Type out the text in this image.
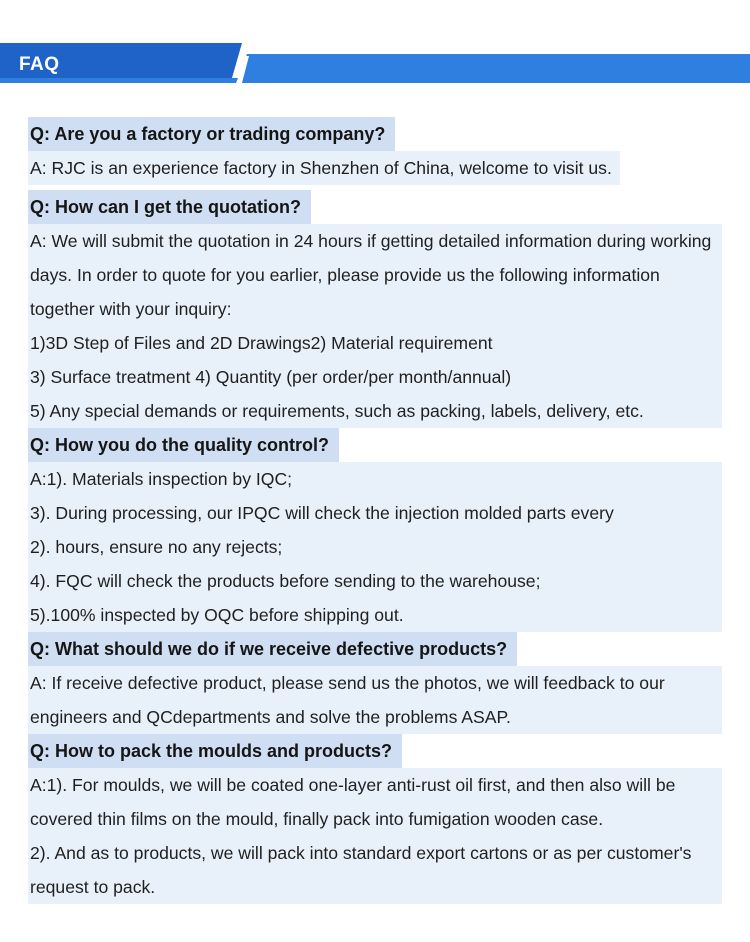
FAQ
Q: Are you a factory or trading company?
A: RJC is an experience factory in Shenzhen of China, welcome to visit us.
Q: How can I get the quotation?
A: We will submit the quotation in 24 hours if getting detailed information during working
days. In order to quote for you earlier, please provide us the following information
together with your inquiry:
1)3D Step of Files and 2D Drawings2) Material requirement
3) Surface treatment 4) Quantity (per order/per month/annual)
5) Any special demands or requirements, such as packing, labels, delivery, etc.
Q: How you do the quality control?
A:1). Materials inspection by IQC;
3). During processing, our IPQC will check the injection molded parts every
2). hours, ensure no any rejects;
4). FQC will check the products before sending to the warehouse;
5).100% inspected by OQC before shipping out.
Q: What should we do if we receive defective products?
A: If receive defective product, please send us the photos, we will feedback to our
engineers and QCdepartments and solve the problems ASAP.
Q: How to pack the moulds and products?
A:1). For moulds, we will be coated one-layer anti-rust oil first, and then also will be
covered thin films on the mould, finally pack into fumigation wooden case.
2). And as to products, we will pack into standard export cartons or as per customer's
request to pack.
